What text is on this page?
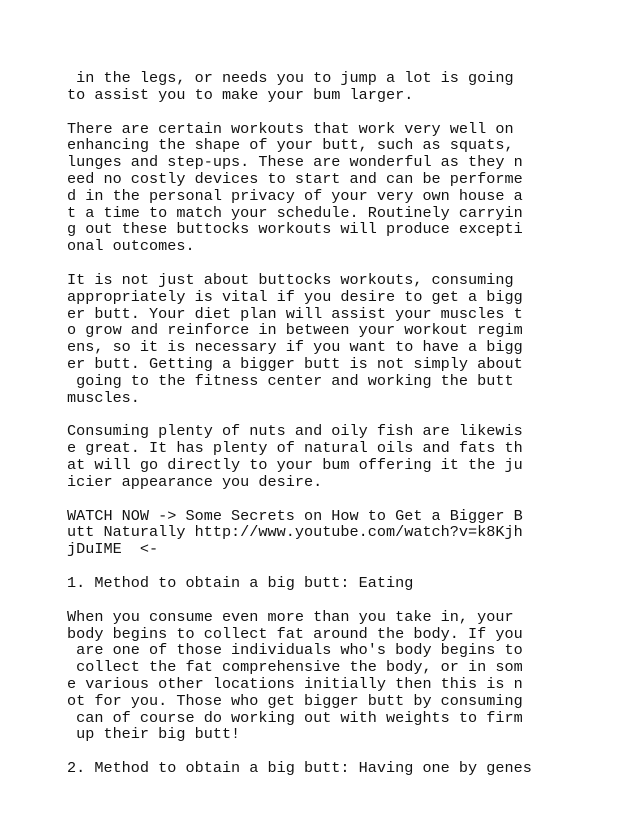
in the legs, or needs you to jump a lot is going
to assist you to make your bum larger.
There are certain workouts that work very well on
enhancing the shape of your butt, such as squats,
lunges and step-ups. These are wonderful as they n
eed no costly devices to start and can be performe
d in the personal privacy of your very own house a
t a time to match your schedule. Routinely carryin
g out these buttocks workouts will produce excepti
onal outcomes.
It is not just about buttocks workouts, consuming
appropriately is vital if you desire to get a bigg
er butt. Your diet plan will assist your muscles t
o grow and reinforce in between your workout regim
ens, so it is necessary if you want to have a bigg
er butt. Getting a bigger butt is not simply about
going to the fitness center and working the butt
muscles.
Consuming plenty of nuts and oily fish are likewis
e great. It has plenty of natural oils and fats th
at will go directly to your bum offering it the ju
icier appearance you desire.
WATCH NOW -> Some Secrets on How to Get a Bigger B
utt Naturally http://www.youtube.com/watch?v=k8Kjh
jDuIME  <-
1. Method to obtain a big butt: Eating
When you consume even more than you take in, your
body begins to collect fat around the body. If you
are one of those individuals who's body begins to
collect the fat comprehensive the body, or in som
e various other locations initially then this is n
ot for you. Those who get bigger butt by consuming
can of course do working out with weights to firm
up their big butt!
2. Method to obtain a big butt: Having one by genes
